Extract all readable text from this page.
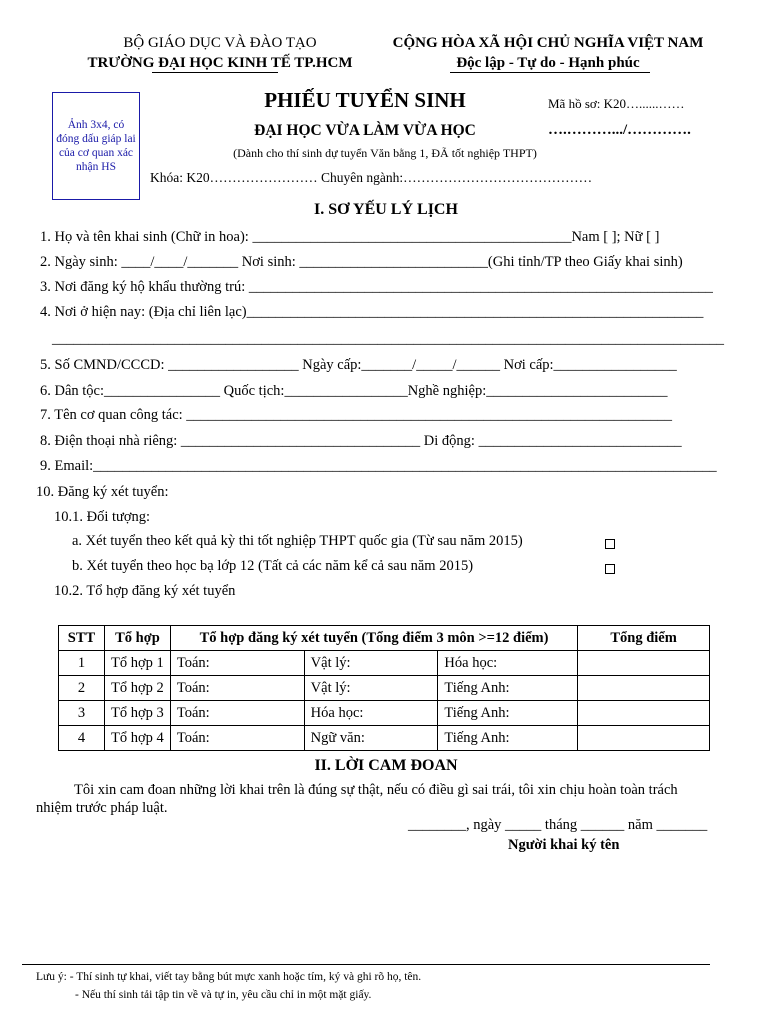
BỘ GIÁO DỤC VÀ ĐÀO TẠO
TRƯỜNG ĐẠI HỌC KINH TẾ TP.HCM
CỘNG HÒA XÃ HỘI CHỦ NGHĨA VIỆT NAM
Độc lập - Tự do - Hạnh phúc
Ảnh 3x4, có đóng dấu giáp lai của cơ quan xác nhận HS
PHIẾU TUYỂN SINH
ĐẠI HỌC VỪA LÀM VỪA HỌC
(Dành cho thí sinh dự tuyển Văn bằng 1, ĐÃ tốt nghiệp THPT)
Mã hồ sơ: K20…......……
….……….../………….
Khóa: K20…………………… Chuyên ngành:……………………………………
I. SƠ YẾU LÝ LỊCH
1. Họ và tên khai sinh (Chữ in hoa): ____________________________________________Nam [ ]; Nữ [ ]
2. Ngày sinh: ____/____/_______ Nơi sinh: __________________________(Ghi tỉnh/TP theo Giấy khai sinh)
3. Nơi đăng ký hộ khẩu thường trú: ________________________________________________________________
4. Nơi ở hiện nay: (Địa chỉ liên lạc)_______________________________________________________________
_____________________________________________________________________________________________
5. Số CMND/CCCD: __________________ Ngày cấp:_______/_____/______ Nơi cấp:_________________
6. Dân tộc:________________ Quốc tịch:_________________Nghề nghiệp:_________________________
7. Tên cơ quan công tác: ___________________________________________________________________
8. Điện thoại nhà riêng: _________________________________ Di động: ____________________________
9. Email:______________________________________________________________________________________
10. Đăng ký xét tuyển:
10.1. Đối tượng:
a. Xét tuyển theo kết quả kỳ thi tốt nghiệp THPT quốc gia (Từ sau năm 2015)
b. Xét tuyển theo học bạ lớp 12 (Tất cả các năm kể cả sau năm 2015)
10.2. Tổ hợp đăng ký xét tuyển
STT	Tổ hợp	Tổ hợp đăng ký xét tuyển (Tổng điểm 3 môn >=12 điểm)			Tổng điểm
1	Tổ hợp 1	Toán:	Vật lý:	Hóa học:	
2	Tổ hợp 2	Toán:	Vật lý:	Tiếng Anh:	
3	Tổ hợp 3	Toán:	Hóa học:	Tiếng Anh:	
4	Tổ hợp 4	Toán:	Ngữ văn:	Tiếng Anh:	
II. LỜI CAM ĐOAN
Tôi xin cam đoan những lời khai trên là đúng sự thật, nếu có điều gì sai trái, tôi xin chịu hoàn toàn trách
nhiệm trước pháp luật.
________, ngày _____ tháng ______ năm _______
Người khai ký tên
Lưu ý: - Thí sinh tự khai, viết tay bằng bút mực xanh hoặc tím, ký và ghi rõ họ, tên.
- Nếu thí sinh tải tập tin về và tự in, yêu cầu chỉ in một mặt giấy.
